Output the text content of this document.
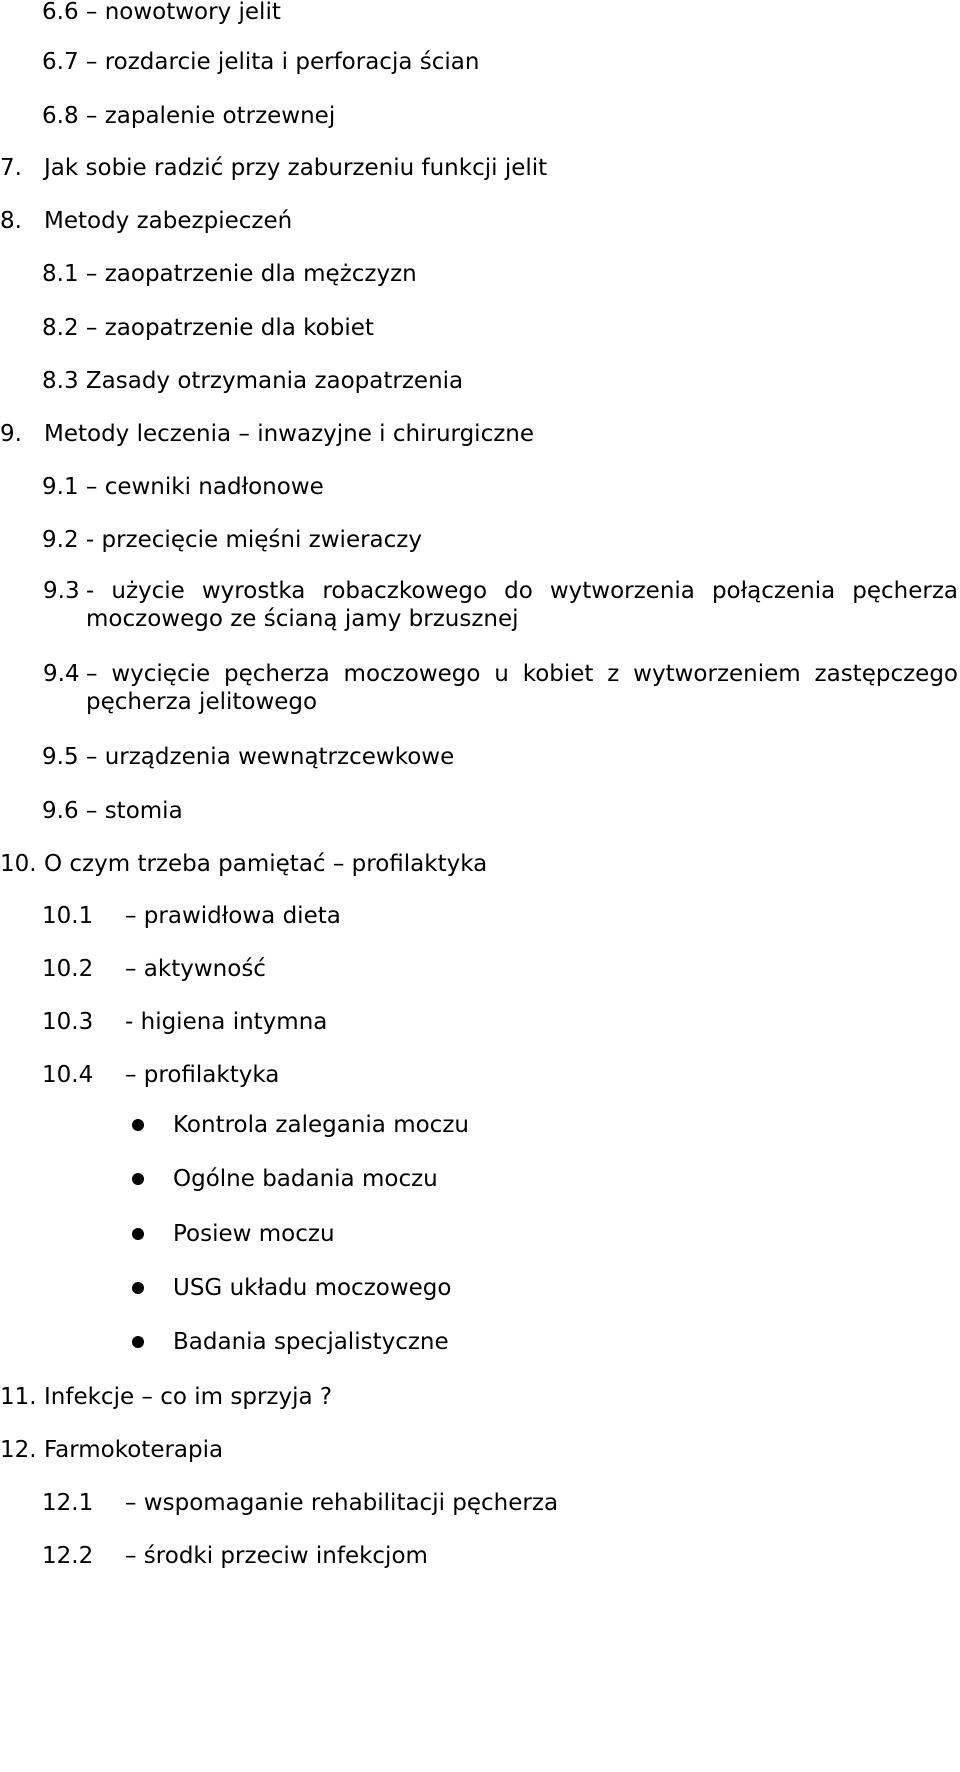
6.6 – nowotwory jelit
6.7 – rozdarcie jelita i perforacja ścian
6.8 – zapalenie otrzewnej
7. Jak sobie radzić przy zaburzeniu funkcji jelit
8. Metody zabezpieczeń
8.1 – zaopatrzenie dla mężczyzn
8.2 – zaopatrzenie dla kobiet
8.3 Zasady otrzymania zaopatrzenia
9. Metody leczenia – inwazyjne i chirurgiczne
9.1 – cewniki nadłonowe
9.2 - przecięcie mięśni zwieraczy
9.3 - użycie wyrostka robaczkowego do wytworzenia połączenia pęcherza moczowego ze ścianą jamy brzusznej
9.4 – wycięcie pęcherza moczowego u kobiet z wytworzeniem zastępczego pęcherza jelitowego
9.5 – urządzenia wewnątrzcewkowe
9.6 – stomia
10. O czym trzeba pamiętać – profilaktyka
10.1 – prawidłowa dieta
10.2 – aktywność
10.3 - higiena intymna
10.4 – profilaktyka
Kontrola zalegania moczu
Ogólne badania moczu
Posiew moczu
USG układu moczowego
Badania specjalistyczne
11. Infekcje – co im sprzyja ?
12. Farmokoterapia
12.1 – wspomaganie rehabilitacji pęcherza
12.2 – środki przeciw infekcjom
